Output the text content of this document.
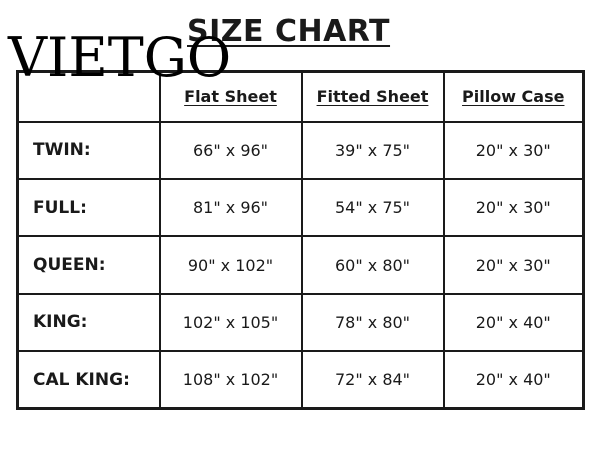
SIZE CHART
	Flat Sheet	Fitted Sheet	Pillow Case
TWIN:	66" x 96"	39" x 75"	20" x 30"
FULL:	81" x 96"	54" x 75"	20" x 30"
QUEEN:	90" x 102"	60" x 80"	20" x 30"
KING:	102" x 105"	78" x 80"	20" x 40"
CAL KING:	108" x 102"	72" x 84"	20" x 40"
VIETGO
